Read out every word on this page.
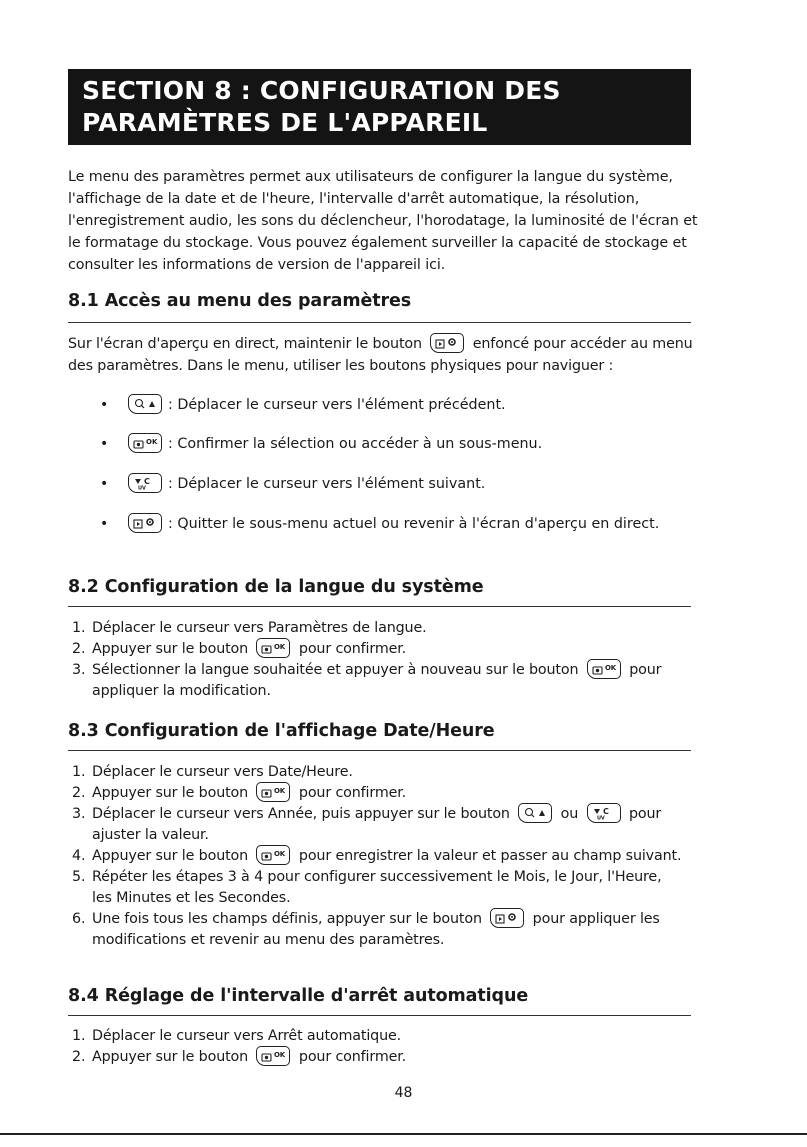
SECTION 8 : CONFIGURATION DES
PARAMÈTRES DE L'APPAREIL

Le menu des paramètres permet aux utilisateurs de configurer la langue du système, l'affichage de la date et de l'heure, l'intervalle d'arrêt automatique, la résolution, l'enregistrement audio, les sons du déclencheur, l'horodatage, la luminosité de l'écran et le formatage du stockage. Vous pouvez également surveiller la capacité de stockage et consulter les informations de version de l'appareil ici.

8.1 Accès au menu des paramètres

Sur l'écran d'aperçu en direct, maintenir le bouton	enfoncé pour accéder au menu des paramètres. Dans le menu, utiliser les boutons physiques pour naviguer :

•	: Déplacer le curseur vers l'élément précédent.
•	OK : Confirmer la sélection ou accéder à un sous-menu.
•	C
UV : Déplacer le curseur vers l'élément suivant.
•	: Quitter le sous-menu actuel ou revenir à l'écran d'aperçu en direct.
8.2 Configuration de la langue du système
1. Déplacer le curseur vers Paramètres de langue.
2. Appuyer sur le bouton	OK pour confirmer.
3. Sélectionner la langue souhaitée et appuyer à nouveau sur le bouton	OK pour
appliquer la modification.
8.3 Configuration de l'affichage Date/Heure
1. Déplacer le curseur vers Date/Heure.
2. Appuyer sur le bouton	OK pour confirmer.
3. Déplacer le curseur vers Année, puis appuyer sur le bouton	ou	C
UV pour
ajuster la valeur.
4. Appuyer sur le bouton	OK pour enregistrer la valeur et passer au champ suivant.
5. Répéter les étapes 3 à 4 pour configurer successivement le Mois, le Jour, l'Heure,
les Minutes et les Secondes.
6. Une fois tous les champs définis, appuyer sur le bouton	pour appliquer les
modifications et revenir au menu des paramètres.
8.4 Réglage de l'intervalle d'arrêt automatique
1. Déplacer le curseur vers Arrêt automatique.
2. Appuyer sur le bouton	OK pour confirmer.
48
